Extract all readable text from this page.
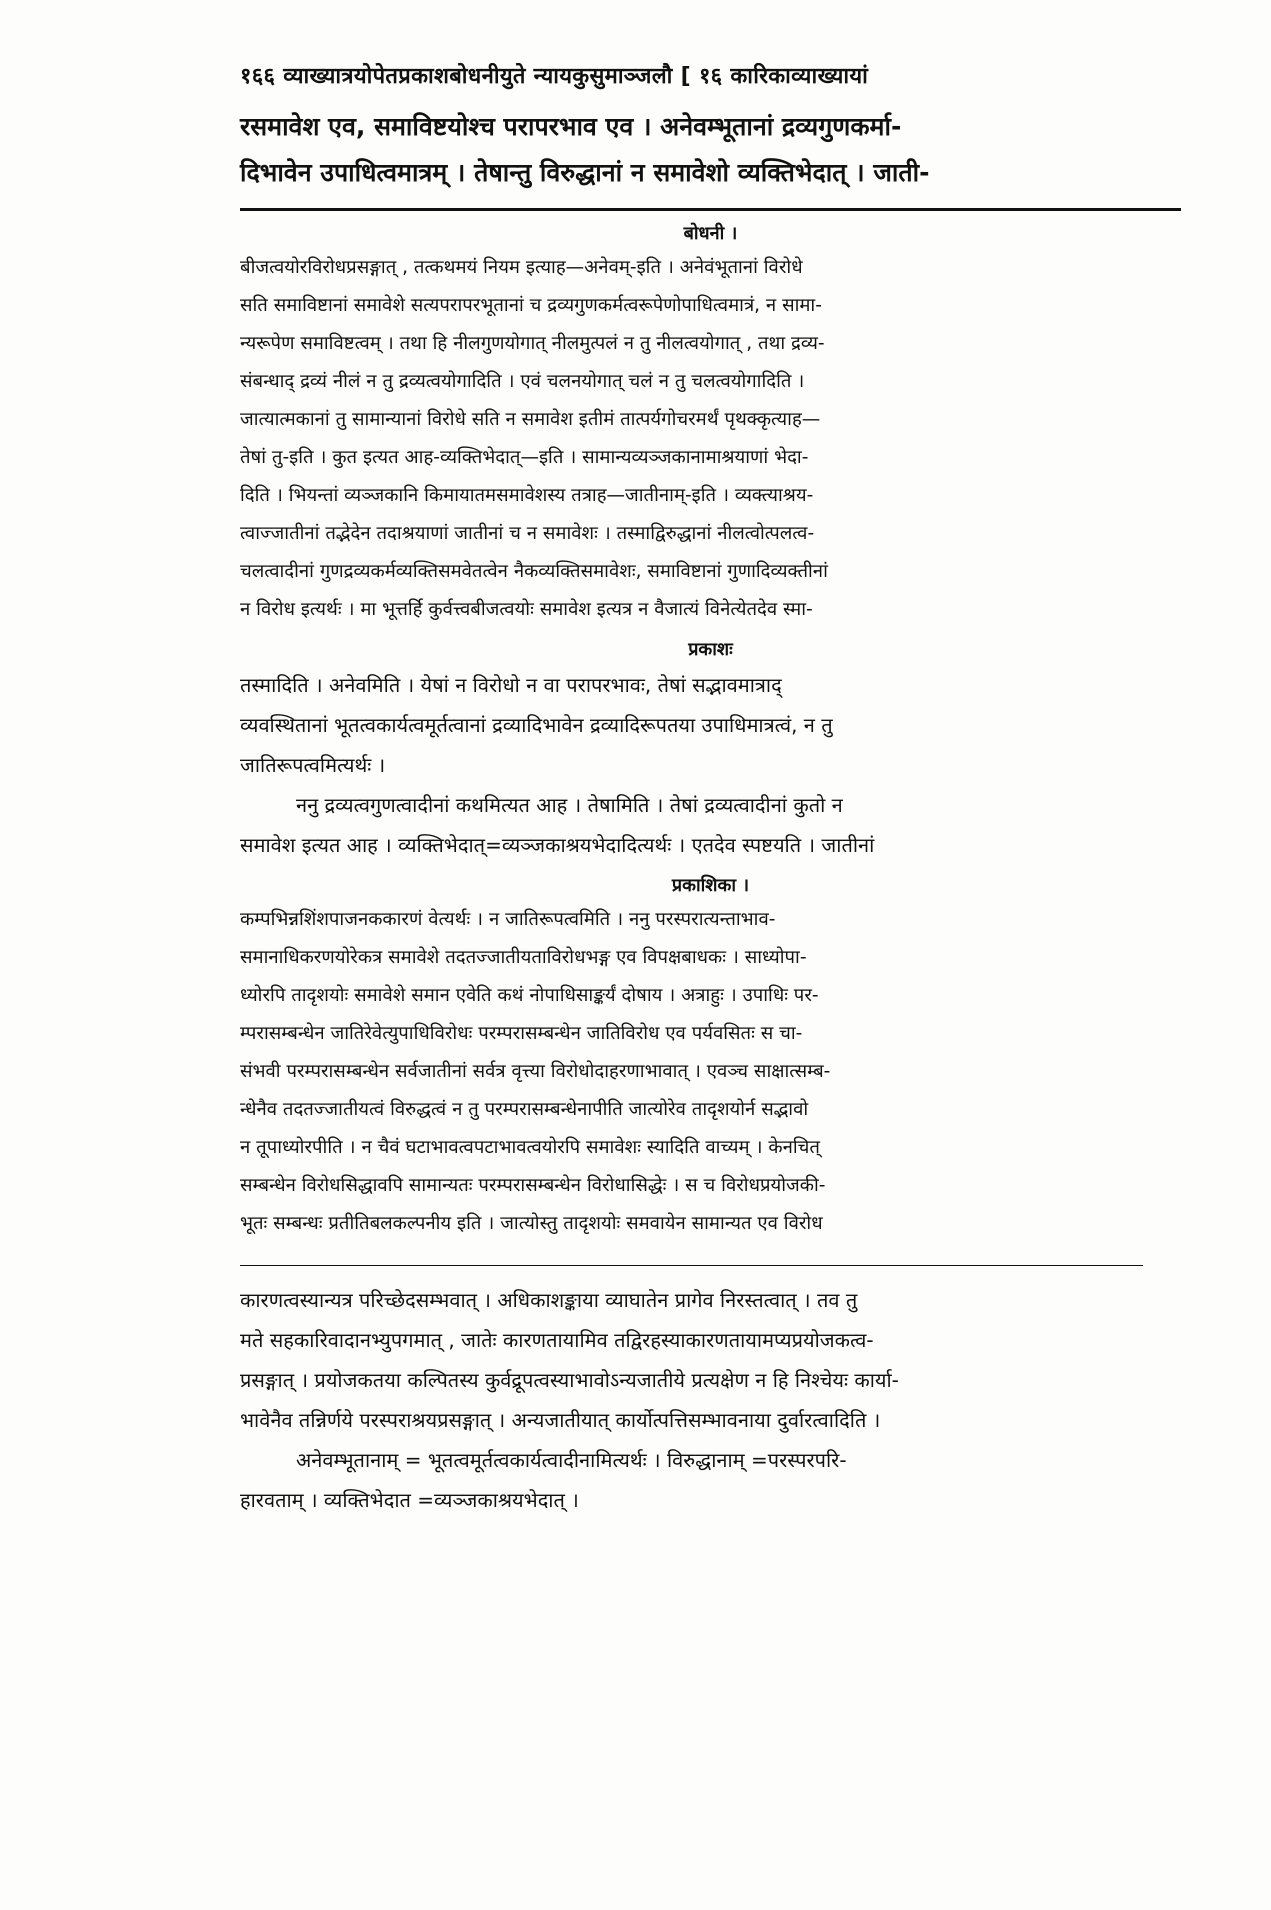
१६६ व्याख्यात्रयोपेतप्रकाशबोधनीयुते न्यायकुसुमाञ्जलौ [ १६ कारिकाव्याख्यायां

रसमावेश एव, समाविष्टयोश्च परापरभाव एव । अनेवम्भूतानां द्रव्यगुणकर्मा-

दिभावेन उपाधित्वमात्रम् । तेषान्तु विरुद्धानां न समावेशो व्यक्तिभेदात् । जाती-

बोधनी ।

बीजत्वयोरविरोधप्रसङ्गात् , तत्कथमयं नियम इत्याह—अनेवम्-इति । अनेवंभूतानां विरोधे

सति समाविष्टानां समावेशे सत्यपरापरभूतानां च द्रव्यगुणकर्मत्वरूपेणोपाधित्वमात्रं, न सामा-

न्यरूपेण समाविष्टत्वम् । तथा हि नीलगुणयोगात् नीलमुत्पलं न तु नीलत्वयोगात् , तथा द्रव्य-

संबन्धाद् द्रव्यं नीलं न तु द्रव्यत्वयोगादिति । एवं चलनयोगात् चलं न तु चलत्वयोगादिति ।

जात्यात्मकानां तु सामान्यानां विरोधे सति न समावेश इतीमं तात्पर्यगोचरमर्थं पृथक्कृत्याह—

तेषां तु-इति । कुत इत्यत आह-व्यक्तिभेदात्—इति । सामान्यव्यञ्जकानामाश्रयाणां भेदा-

दिति । भियन्तां व्यञ्जकानि किमायातमसमावेशस्य तत्राह—जातीनाम्-इति । व्यक्त्याश्रय-

त्वाज्जातीनां तद्भेदेन तदाश्रयाणां जातीनां च न समावेशः । तस्माद्विरुद्धानां नीलत्वोत्पलत्व-

चलत्वादीनां गुणद्रव्यकर्मव्यक्तिसमवेतत्वेन नैकव्यक्तिसमावेशः, समाविष्टानां गुणादिव्यक्तीनां

न विरोध इत्यर्थः । मा भूत्तर्हि कुर्वत्त्वबीजत्वयोः समावेश इत्यत्र न वैजात्यं विनेत्येतदेव स्मा-

प्रकाशः

तस्मादिति । अनेवमिति । येषां न विरोधो न वा परापरभावः, तेषां सद्भावमात्राद्

व्यवस्थितानां भूतत्वकार्यत्वमूर्तत्वानां द्रव्यादिभावेन द्रव्यादिरूपतया उपाधिमात्रत्वं, न तु

जातिरूपत्वमित्यर्थः ।

ननु द्रव्यत्वगुणत्वादीनां कथमित्यत आह । तेषामिति । तेषां द्रव्यत्वादीनां कुतो न

समावेश इत्यत आह । व्यक्तिभेदात्=व्यञ्जकाश्रयभेदादित्यर्थः । एतदेव स्पष्टयति । जातीनां

प्रकाशिका ।

कम्पभिन्नशिंशपाजनककारणं वेत्यर्थः । न जातिरूपत्वमिति । ननु परस्परात्यन्ताभाव-

समानाधिकरणयोरेकत्र समावेशे तदतज्जातीयताविरोधभङ्ग एव विपक्षबाधकः । साध्योपा-

ध्योरपि तादृशयोः समावेशे समान एवेति कथं नोपाधिसाङ्कर्यं दोषाय । अत्राहुः । उपाधिः पर-

म्परासम्बन्धेन जातिरेवेत्युपाधिविरोधः परम्परासम्बन्धेन जातिविरोध एव पर्यवसितः स चा-

संभवी परम्परासम्बन्धेन सर्वजातीनां सर्वत्र वृत्त्या विरोधोदाहरणाभावात् । एवञ्च साक्षात्सम्ब-

न्धेनैव तदतज्जातीयत्वं विरुद्धत्वं न तु परम्परासम्बन्धेनापीति जात्योरेव तादृशयोर्न सद्भावो

न तूपाध्योरपीति । न चैवं घटाभावत्वपटाभावत्वयोरपि समावेशः स्यादिति वाच्यम् । केनचित्

सम्बन्धेन विरोधसिद्धावपि सामान्यतः परम्परासम्बन्धेन विरोधासिद्धेः । स च विरोधप्रयोजकी-

भूतः सम्बन्धः प्रतीतिबलकल्पनीय इति । जात्योस्तु तादृशयोः समवायेन सामान्यत एव विरोध

कारणत्वस्यान्यत्र परिच्छेदसम्भवात् । अधिकाशङ्काया व्याघातेन प्रागेव निरस्तत्वात् । तव तु

मते सहकारिवादानभ्युपगमात् , जातेः कारणतायामिव तद्विरहस्याकारणतायामप्यप्रयोजकत्व-

प्रसङ्गात् । प्रयोजकतया कल्पितस्य कुर्वद्रूपत्वस्याभावोऽन्यजातीये प्रत्यक्षेण न हि निश्चेयः कार्या-

भावेनैव तन्निर्णये परस्पराश्रयप्रसङ्गात् । अन्यजातीयात् कार्योत्पत्तिसम्भावनाया दुर्वारत्वादिति ।

अनेवम्भूतानाम् = भूतत्वमूर्तत्वकार्यत्वादीनामित्यर्थः । विरुद्धानाम् =परस्परपरि-

हारवताम् । व्यक्तिभेदात =व्यञ्जकाश्रयभेदात् ।
